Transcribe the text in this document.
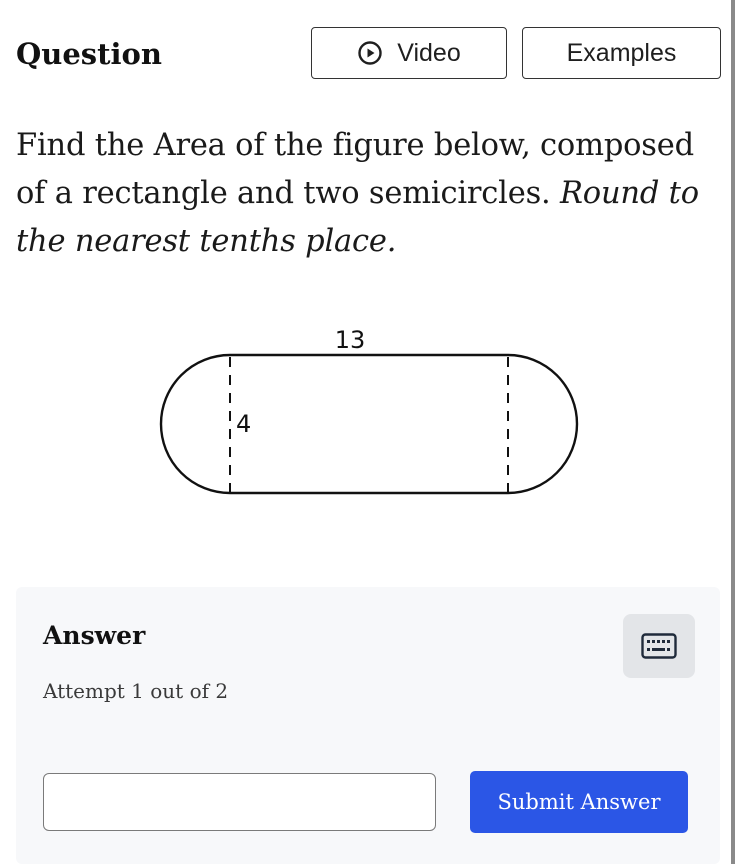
Question	Video	Examples
Find the Area of the figure below, composed of a rectangle and two semicircles. Round to the nearest tenths place.
13
4
Answer
Attempt 1 out of 2
Submit Answer
